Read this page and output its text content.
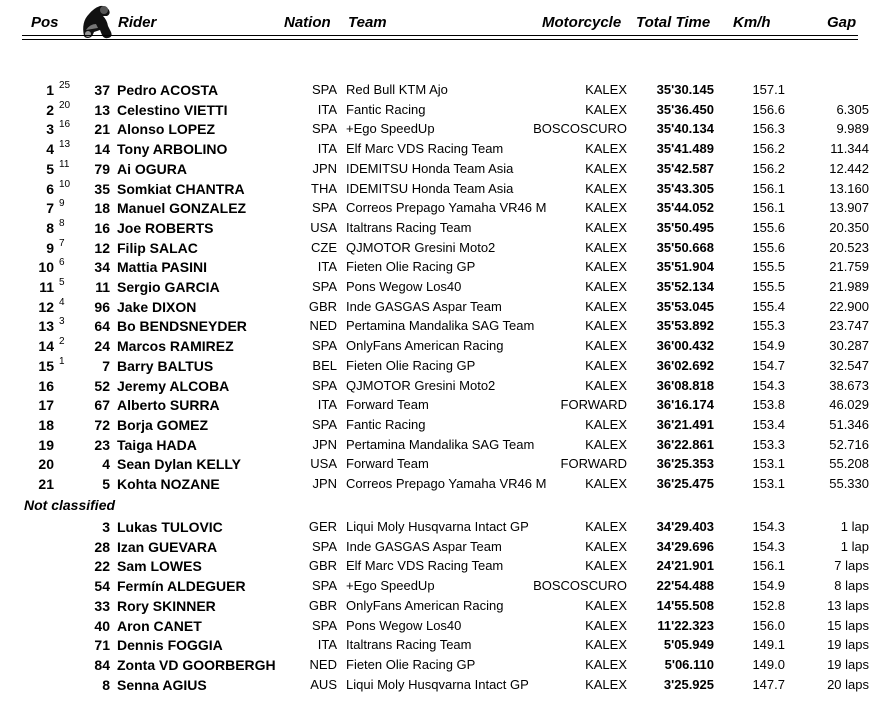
Pos	Rider	Nation Team	Motorcycle Total Time Km/h	Gap
1 25 37 Pedro ACOSTA	SPA Red Bull KTM Ajo	KALEX 35'30.145	157.1
2 20 13 Celestino VIETTI	ITA Fantic Racing	KALEX 35'36.450	156.6	6.305
3 16 21 Alonso LOPEZ	SPA +Ego SpeedUp	BOSCOSCURO 35'40.134	156.3	9.989
4 13 14 Tony ARBOLINO	ITA Elf Marc VDS Racing Team	KALEX 35'41.489	156.2	11.344
5 11 79 Ai OGURA	JPN IDEMITSU Honda Team Asia	KALEX 35'42.587	156.2	12.442
6 10 35 Somkiat CHANTRA	THA IDEMITSU Honda Team Asia	KALEX 35'43.305	156.1	13.160
7 9 18 Manuel GONZALEZ	SPA Correos Prepago Yamaha VR46 M	KALEX 35'44.052	156.1	13.907
8 8 16 Joe ROBERTS	USA Italtrans Racing Team	KALEX 35'50.495	155.6	20.350
9 7 12 Filip SALAC	CZE QJMOTOR Gresini Moto2	KALEX 35'50.668	155.6	20.523
10 6 34 Mattia PASINI	ITA Fieten Olie Racing GP	KALEX 35'51.904	155.5	21.759
11 5 11 Sergio GARCIA	SPA Pons Wegow Los40	KALEX 35'52.134	155.5	21.989
12 4 96 Jake DIXON	GBR Inde GASGAS Aspar Team	KALEX 35'53.045	155.4	22.900
13 3 64 Bo BENDSNEYDER	NED Pertamina Mandalika SAG Team	KALEX 35'53.892	155.3	23.747
14 2 24 Marcos RAMIREZ	SPA OnlyFans American Racing	KALEX 36'00.432	154.9	30.287
15 1	7 Barry BALTUS	BEL Fieten Olie Racing GP	KALEX 36'02.692	154.7	32.547
16	52 Jeremy ALCOBA	SPA QJMOTOR Gresini Moto2	KALEX 36'08.818	154.3	38.673
17	67 Alberto SURRA	ITA Forward Team	FORWARD 36'16.174	153.8	46.029
18	72 Borja GOMEZ	SPA Fantic Racing	KALEX 36'21.491	153.4	51.346
19	23 Taiga HADA	JPN Pertamina Mandalika SAG Team	KALEX 36'22.861	153.3	52.716
20	4 Sean Dylan KELLY	USA Forward Team	FORWARD 36'25.353	153.1	55.208
21	5 Kohta NOZANE	JPN Correos Prepago Yamaha VR46 M	KALEX 36'25.475	153.1	55.330
Not classified
3 Lukas TULOVIC	GER Liqui Moly Husqvarna Intact GP	KALEX 34'29.403	154.3	1 lap
28 Izan GUEVARA	SPA Inde GASGAS Aspar Team	KALEX 34'29.696	154.3	1 lap
22 Sam LOWES	GBR Elf Marc VDS Racing Team	KALEX 24'21.901	156.1	7 laps
54 Fermín ALDEGUER	SPA +Ego SpeedUp	BOSCOSCURO 22'54.488	154.9	8 laps
33 Rory SKINNER	GBR OnlyFans American Racing	KALEX 14'55.508	152.8	13 laps
40 Aron CANET	SPA Pons Wegow Los40	KALEX 11'22.323	156.0	15 laps
71 Dennis FOGGIA	ITA Italtrans Racing Team	KALEX	5'05.949	149.1	19 laps
84 Zonta VD GOORBERGH	NED Fieten Olie Racing GP	KALEX	5'06.110	149.0	19 laps
8 Senna AGIUS	AUS Liqui Moly Husqvarna Intact GP	KALEX	3'25.925	147.7	20 laps
